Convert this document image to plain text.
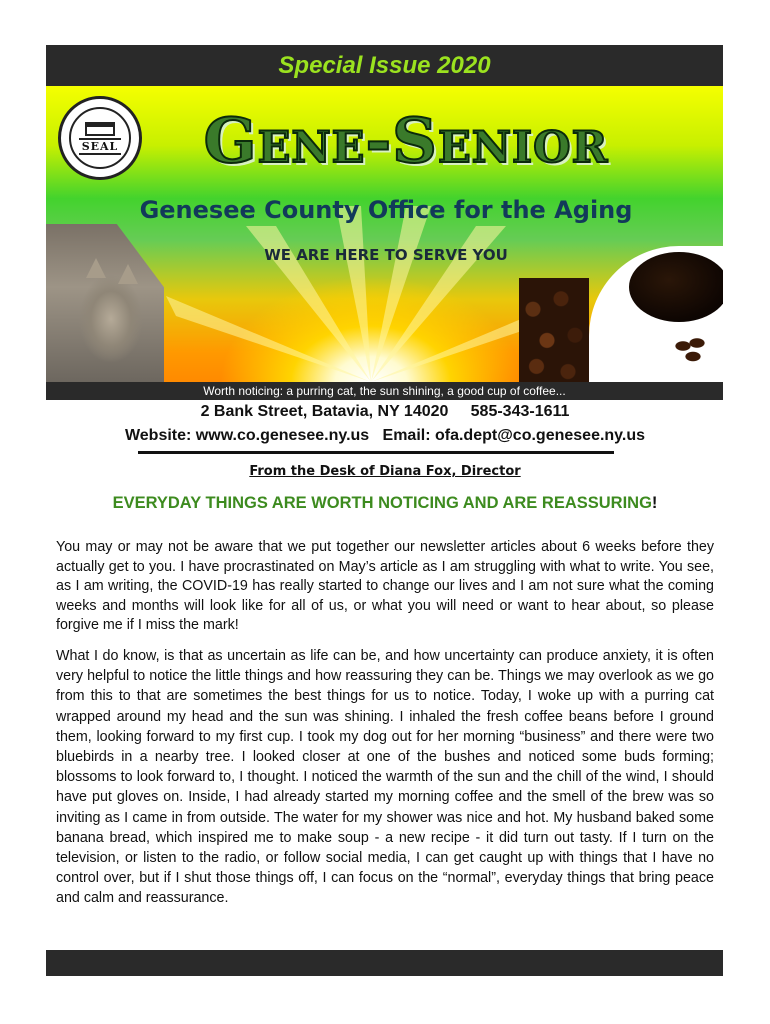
Special Issue 2020
SEAL	Gene-Senior
Genesee County Office for the Aging
WE ARE HERE TO SERVE YOU
Worth noticing: a purring cat, the sun shining, a good cup of coffee...
2 Bank Street, Batavia, NY 14020     585-343-1611
Website: www.co.genesee.ny.us   Email: ofa.dept@co.genesee.ny.us
From the Desk of Diana Fox, Director
EVERYDAY THINGS ARE WORTH NOTICING AND ARE REASSURING!
You may or may not be aware that we put together our newsletter articles about 6 weeks before they actually get to you. I have procrastinated on May’s article as I am struggling with what to write. You see, as I am writing, the COVID-19 has really started to change our lives and I am not sure what the coming weeks and months will look like for all of us, or what you will need or want to hear about, so please forgive me if I miss the mark!
What I do know, is that as uncertain as life can be, and how uncertainty can produce anxiety, it is often very helpful to notice the little things and how reassuring they can be. Things we may overlook as we go from this to that are sometimes the best things for us to notice. Today, I woke up with a purring cat wrapped around my head and the sun was shining. I inhaled the fresh coffee beans before I ground them, looking forward to my first cup. I took my dog out for her morning “business” and there were two bluebirds in a nearby tree. I looked closer at one of the bushes and noticed some buds forming; blossoms to look forward to, I thought. I noticed the warmth of the sun and the chill of the wind, I should have put gloves on. Inside, I had already started my morning coffee and the smell of the brew was so inviting as I came in from outside. The water for my shower was nice and hot. My husband baked some banana bread, which inspired me to make soup - a new recipe - it did turn out tasty. If I turn on the television, or listen to the radio, or follow social media, I can get caught up with things that I have no control over, but if I shut those things off, I can focus on the “normal”, everyday things that bring peace and calm and reassurance.
